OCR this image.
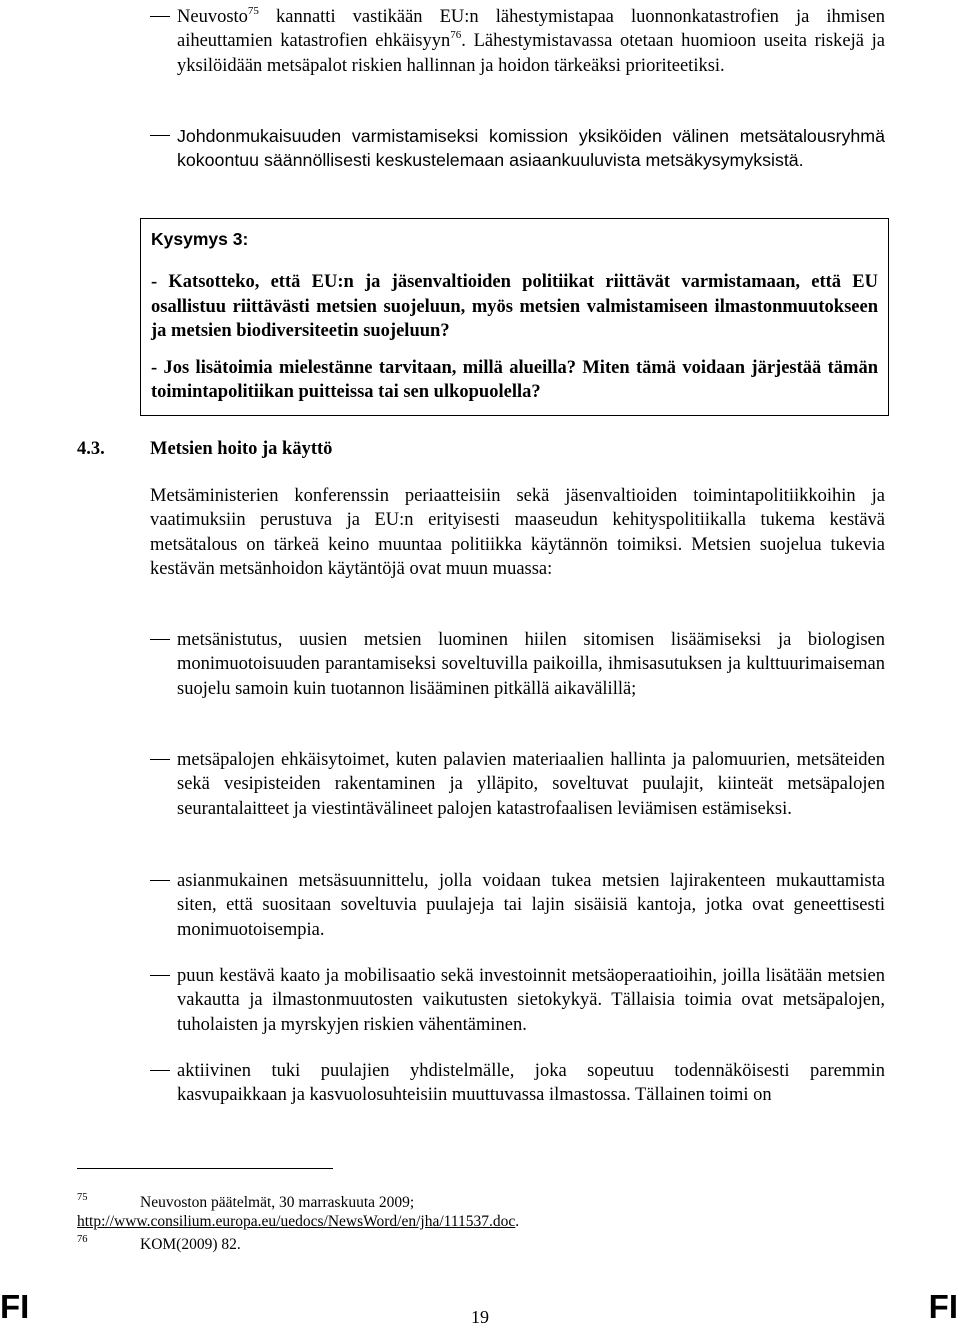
Neuvosto$^{75}$ kannatti vastikään EU:n lähestymistapaa luonnonkatastrofien ja ihmisen aiheuttamien katastrofien ehkäisyyn$^{76}$. Lähestymistavassa otetaan huomioon useita riskejä ja yksilöidään metsäpalot riskien hallinnan ja hoidon tärkeäksi prioriteetiksi.
Johdonmukaisuuden varmistamiseksi komission yksiköiden välinen metsätalousryhmä kokoontuu säännöllisesti keskustelemaan asiaankuuluvista metsäkysymyksistä.
Kysymys 3:

- Katsotteko, että EU:n ja jäsenvaltioiden politiikat riittävät varmistamaan, että EU osallistuu riittävästi metsien suojeluun, myös metsien valmistamiseen ilmastonmuutokseen ja metsien biodiversiteetin suojeluun?

- Jos lisätoimia mielestänne tarvitaan, millä alueilla? Miten tämä voidaan järjestää tämän toimintapolitiikan puitteissa tai sen ulkopuolella?

4.3. Metsien hoito ja käyttö
Metsäministerien konferenssin periaatteisiin sekä jäsenvaltioiden toimintapolitiikkoihin ja vaatimuksiin perustuva ja EU:n erityisesti maaseudun kehityspolitiikalla tukema kestävä metsätalous on tärkeä keino muuntaa politiikka käytännön toimiksi. Metsien suojelua tukevia kestävän metsänhoidon käytäntöjä ovat muun muassa:
metsänistutus, uusien metsien luominen hiilen sitomisen lisäämiseksi ja biologisen monimuotoisuuden parantamiseksi soveltuvilla paikoilla, ihmisasutuksen ja kulttuurimaiseman suojelu samoin kuin tuotannon lisääminen pitkällä aikavälillä;
metsäpalojen ehkäisytoimet, kuten palavien materiaalien hallinta ja palomuurien, metsäteiden sekä vesipisteiden rakentaminen ja ylläpito, soveltuvat puulajit, kiinteät metsäpalojen seurantalaitteet ja viestintävälineet palojen katastrofaalisen leviämisen estämiseksi.
asianmukainen metsäsuunnittelu, jolla voidaan tukea metsien lajirakenteen mukauttamista siten, että suositaan soveltuvia puulajeja tai lajin sisäisiä kantoja, jotka ovat geneettisesti monimuotoisempia.
puun kestävä kaato ja mobilisaatio sekä investoinnit metsäoperaatioihin, joilla lisätään metsien vakautta ja ilmastonmuutosten vaikutusten sietokykyä. Tällaisia toimia ovat metsäpalojen, tuholaisten ja myrskyjen riskien vähentäminen.
aktiivinen tuki puulajien yhdistelmälle, joka sopeutuu todennäköisesti paremmin kasvupaikkaan ja kasvuolosuhteisiin muuttuvassa ilmastossa. Tällainen toimi on
75	Neuvoston päätelmät, 30 marraskuuta 2009;
http://www.consilium.europa.eu/uedocs/NewsWord/en/jha/111537.doc.
76	KOM(2009) 82.
FI	19	FI
